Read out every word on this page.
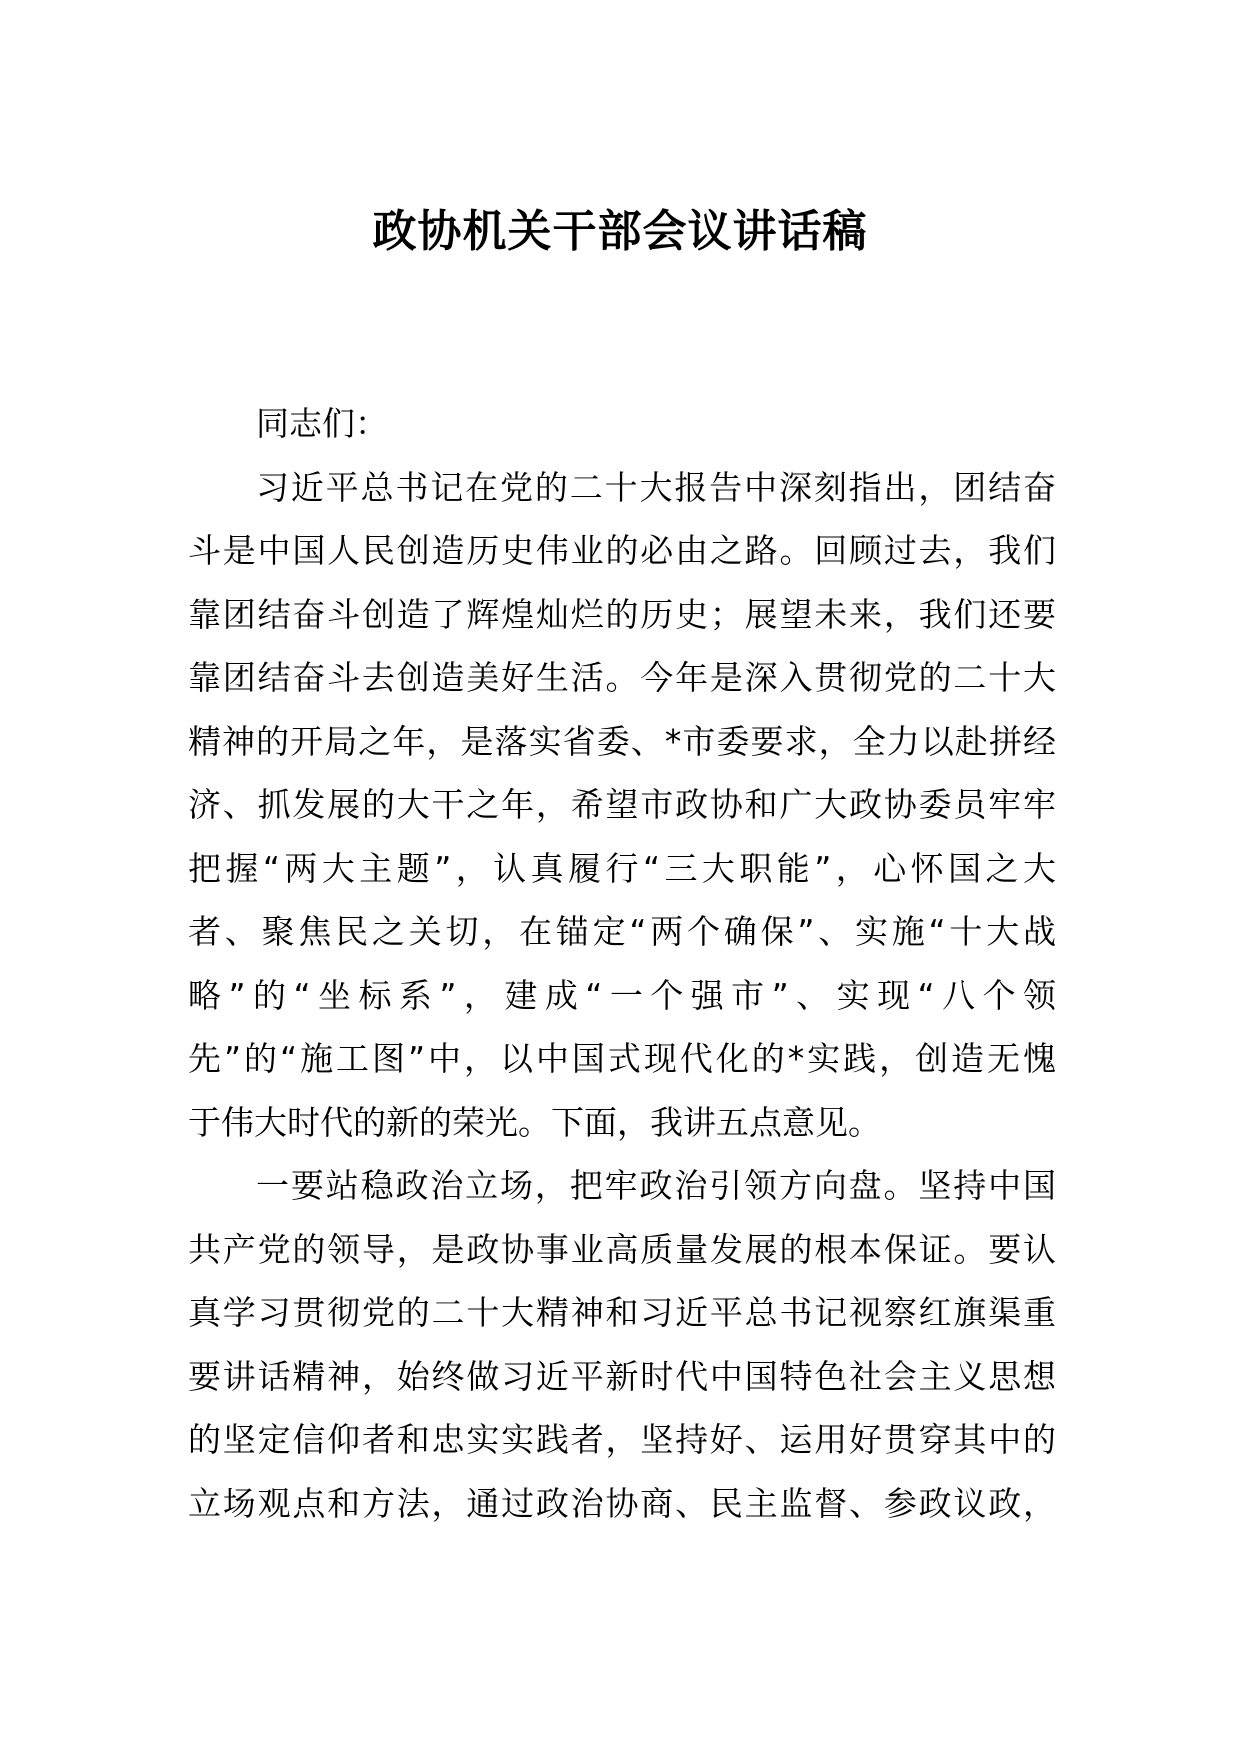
政协机关干部会议讲话稿
同志们：
习近平总书记在党的二十大报告中深刻指出，团结奋
斗是中国人民创造历史伟业的必由之路。回顾过去，我们
靠团结奋斗创造了辉煌灿烂的历史；展望未来，我们还要
靠团结奋斗去创造美好生活。今年是深入贯彻党的二十大
精神的开局之年，是落实省委、*市委要求，全力以赴拼经
济、抓发展的大干之年，希望市政协和广大政协委员牢牢
把握“两大主题”，认真履行“三大职能”，心怀国之大
者、聚焦民之关切，在锚定“两个确保”、实施“十大战
略”的“坐标系”，建成“一个强市”、实现“八个领
先”的“施工图”中，以中国式现代化的*实践，创造无愧
于伟大时代的新的荣光。下面，我讲五点意见。
一要站稳政治立场，把牢政治引领方向盘。坚持中国
共产党的领导，是政协事业高质量发展的根本保证。要认
真学习贯彻党的二十大精神和习近平总书记视察红旗渠重
要讲话精神，始终做习近平新时代中国特色社会主义思想
的坚定信仰者和忠实实践者，坚持好、运用好贯穿其中的
立场观点和方法，通过政治协商、民主监督、参政议政，
